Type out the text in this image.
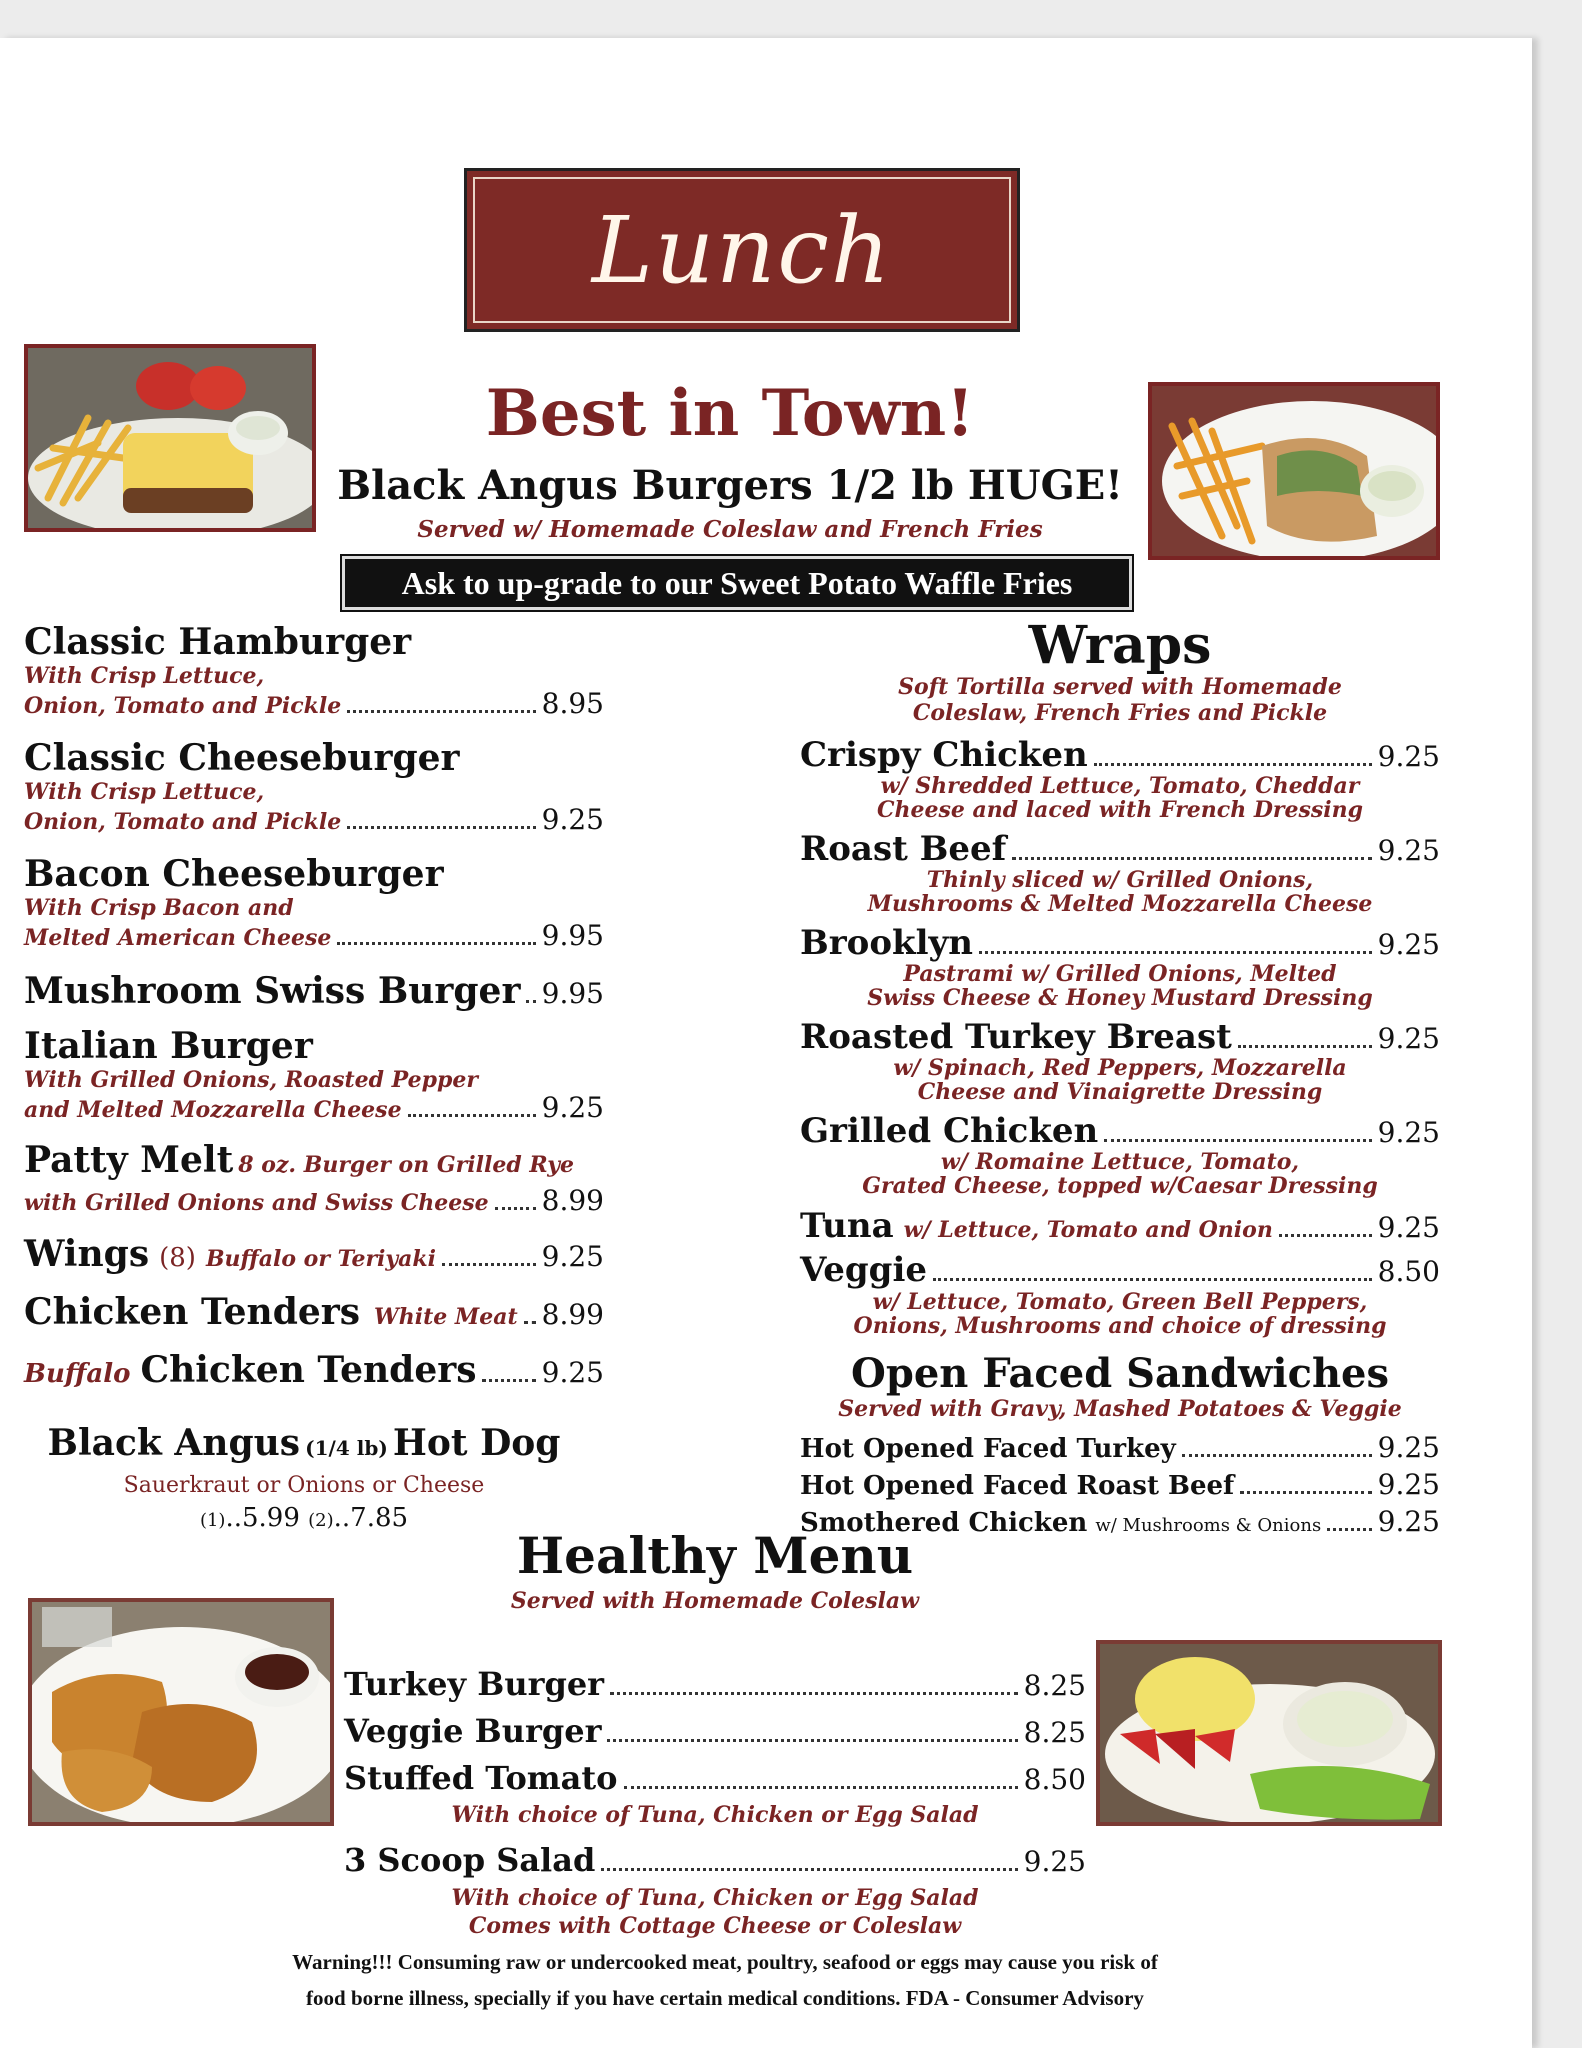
Lunch
Best in Town!
Black Angus Burgers 1/2 lb HUGE!
Served w/ Homemade Coleslaw and French Fries
Ask to up-grade to our Sweet Potato Waffle Fries
Classic Hamburger
With Crisp Lettuce,
Onion, Tomato and Pickle	8.95
Classic Cheeseburger
With Crisp Lettuce,
Onion, Tomato and Pickle	9.25
Bacon Cheeseburger
With Crisp Bacon and
Melted American Cheese	9.95
Mushroom Swiss Burger 9.95
Italian Burger
With Grilled Onions, Roasted Pepper
and Melted Mozzarella Cheese	9.25
Patty Melt 8 oz. Burger on Grilled Rye
with Grilled Onions and Swiss Cheese 8.99
Wings (8) Buffalo or Teriyaki	9.25
Chicken Tenders White Meat 8.99
Buffalo Chicken Tenders 9.25
Black Angus (1/4 lb) Hot Dog
Sauerkraut or Onions or Cheese
(1)..5.99 (2)..7.85
Wraps
Soft Tortilla served with Homemade
Coleslaw, French Fries and Pickle
Crispy Chicken	9.25
w/ Shredded Lettuce, Tomato, Cheddar
Cheese and laced with French Dressing
Roast Beef	9.25
Thinly sliced w/ Grilled Onions,
Mushrooms & Melted Mozzarella Cheese
Brooklyn	9.25
Pastrami w/ Grilled Onions, Melted
Swiss Cheese & Honey Mustard Dressing
Roasted Turkey Breast	9.25
w/ Spinach, Red Peppers, Mozzarella
Cheese and Vinaigrette Dressing
Grilled Chicken	9.25
w/ Romaine Lettuce, Tomato,
Grated Cheese, topped w/Caesar Dressing
Tuna w/ Lettuce, Tomato and Onion	9.25
Veggie	8.50
w/ Lettuce, Tomato, Green Bell Peppers,
Onions, Mushrooms and choice of dressing
Open Faced Sandwiches
Served with Gravy, Mashed Potatoes & Veggie
Hot Opened Faced Turkey	9.25
Hot Opened Faced Roast Beef	9.25
Smothered Chicken w/ Mushrooms & Onions 9.25
Healthy Menu
Served with Homemade Coleslaw
Turkey Burger	8.25
Veggie Burger	8.25
Stuffed Tomato	8.50
With choice of Tuna, Chicken or Egg Salad
3 Scoop Salad	9.25
With choice of Tuna, Chicken or Egg Salad
Comes with Cottage Cheese or Coleslaw
Warning!!! Consuming raw or undercooked meat, poultry, seafood or eggs may cause you risk of
food borne illness, specially if you have certain medical conditions. FDA - Consumer Advisory
